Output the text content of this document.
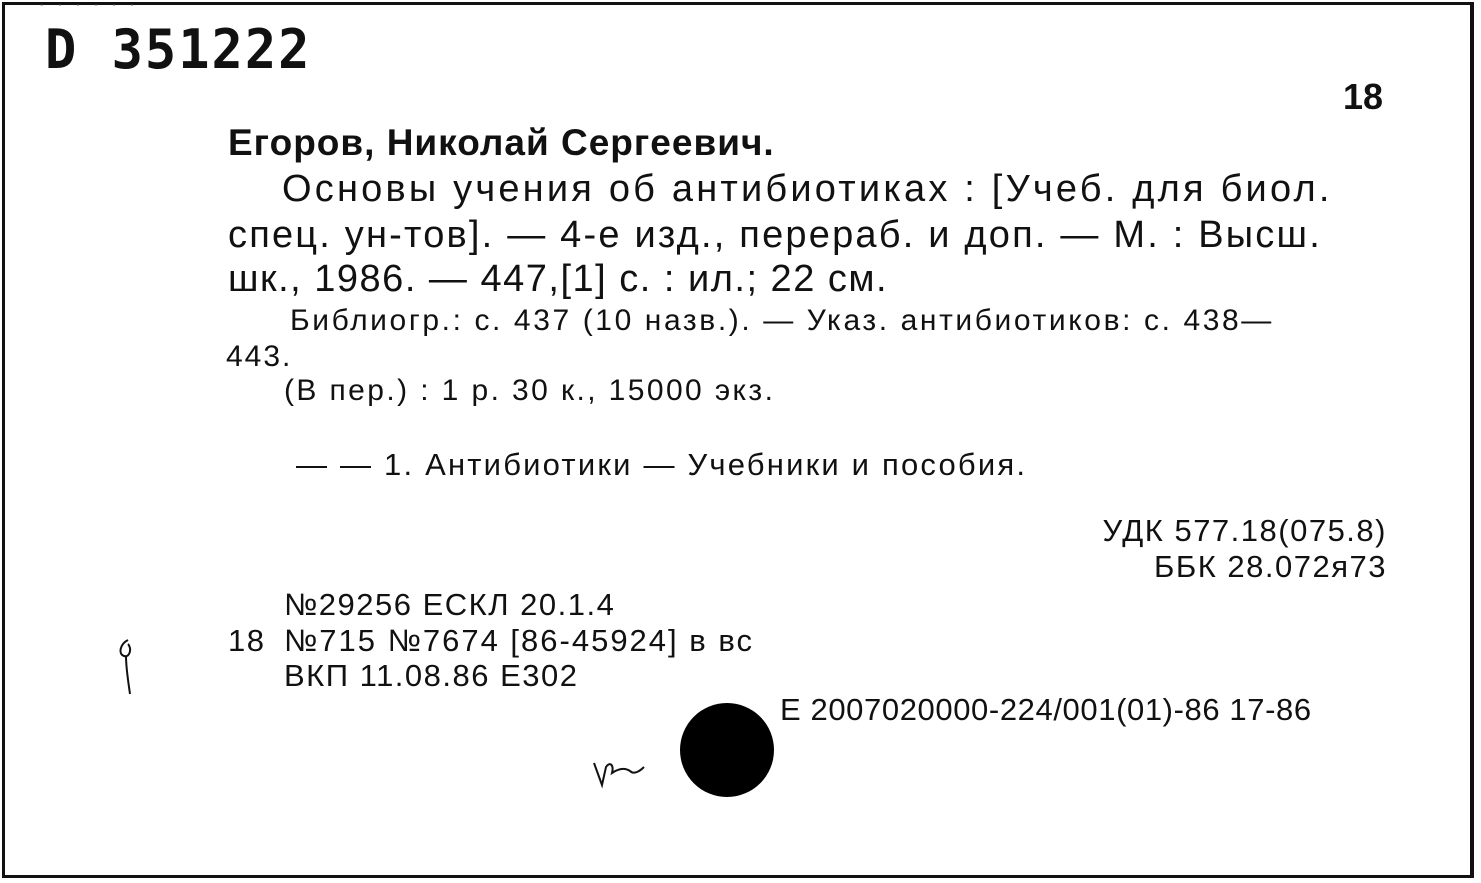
- - - - - -
D 351222
18
Егоров, Николай Сергеевич.
Основы учения об антибиотиках : [Учеб. для биол.
спец. ун-тов]. — 4-е изд., перераб. и доп. — М. : Высш.
шк., 1986. — 447,[1] с. : ил.; 22 см.
Библиогр.: с. 437 (10 назв.). — Указ. антибиотиков: с. 438—
443.
(В пер.) : 1 р. 30 к., 15000 экз.
— — 1. Антибиотики — Учебники и пособия.
УДК 577.18(075.8)
ББК 28.072я73
№29256 ЕСКЛ 20.1.4
18 №715 №7674 [86-45924] в вс
ВКП 11.08.86 Е302
Е 2007020000-224/001(01)-86 17-86
